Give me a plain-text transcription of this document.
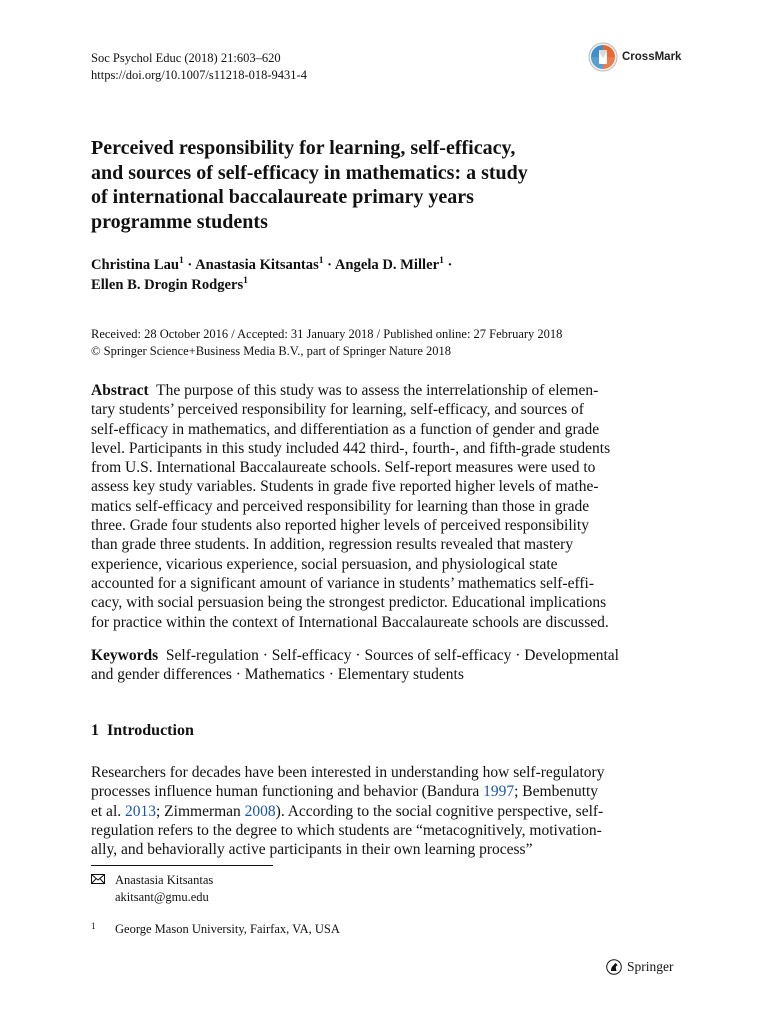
Soc Psychol Educ (2018) 21:603–620
https://doi.org/10.1007/s11218-018-9431-4
CrossMark
Perceived responsibility for learning, self-efficacy,
and sources of self-efficacy in mathematics: a study
of international baccalaureate primary years
programme students
Christina Lau$^1$ · Anastasia Kitsantas$^1$ · Angela D. Miller$^1$ ·
Ellen B. Drogin Rodgers$^1$
Received: 28 October 2016 / Accepted: 31 January 2018 / Published online: 27 February 2018
© Springer Science+Business Media B.V., part of Springer Nature 2018
Abstract The purpose of this study was to assess the interrelationship of elemen-
tary students’ perceived responsibility for learning, self-efficacy, and sources of
self-efficacy in mathematics, and differentiation as a function of gender and grade
level. Participants in this study included 442 third-, fourth-, and fifth-grade students
from U.S. International Baccalaureate schools. Self-report measures were used to
assess key study variables. Students in grade five reported higher levels of mathe-
matics self-efficacy and perceived responsibility for learning than those in grade
three. Grade four students also reported higher levels of perceived responsibility
than grade three students. In addition, regression results revealed that mastery
experience, vicarious experience, social persuasion, and physiological state
accounted for a significant amount of variance in students’ mathematics self-effi-
cacy, with social persuasion being the strongest predictor. Educational implications
for practice within the context of International Baccalaureate schools are discussed.
Keywords Self-regulation · Self-efficacy · Sources of self-efficacy · Developmental
and gender differences · Mathematics · Elementary students
1 Introduction
Researchers for decades have been interested in understanding how self-regulatory
processes influence human functioning and behavior (Bandura 1997; Bembenutty
et al. 2013; Zimmerman 2008). According to the social cognitive perspective, self-
regulation refers to the degree to which students are “metacognitively, motivation-
ally, and behaviorally active participants in their own learning process”
Anastasia Kitsantas
akitsant@gmu.edu
1 George Mason University, Fairfax, VA, USA
Springer
